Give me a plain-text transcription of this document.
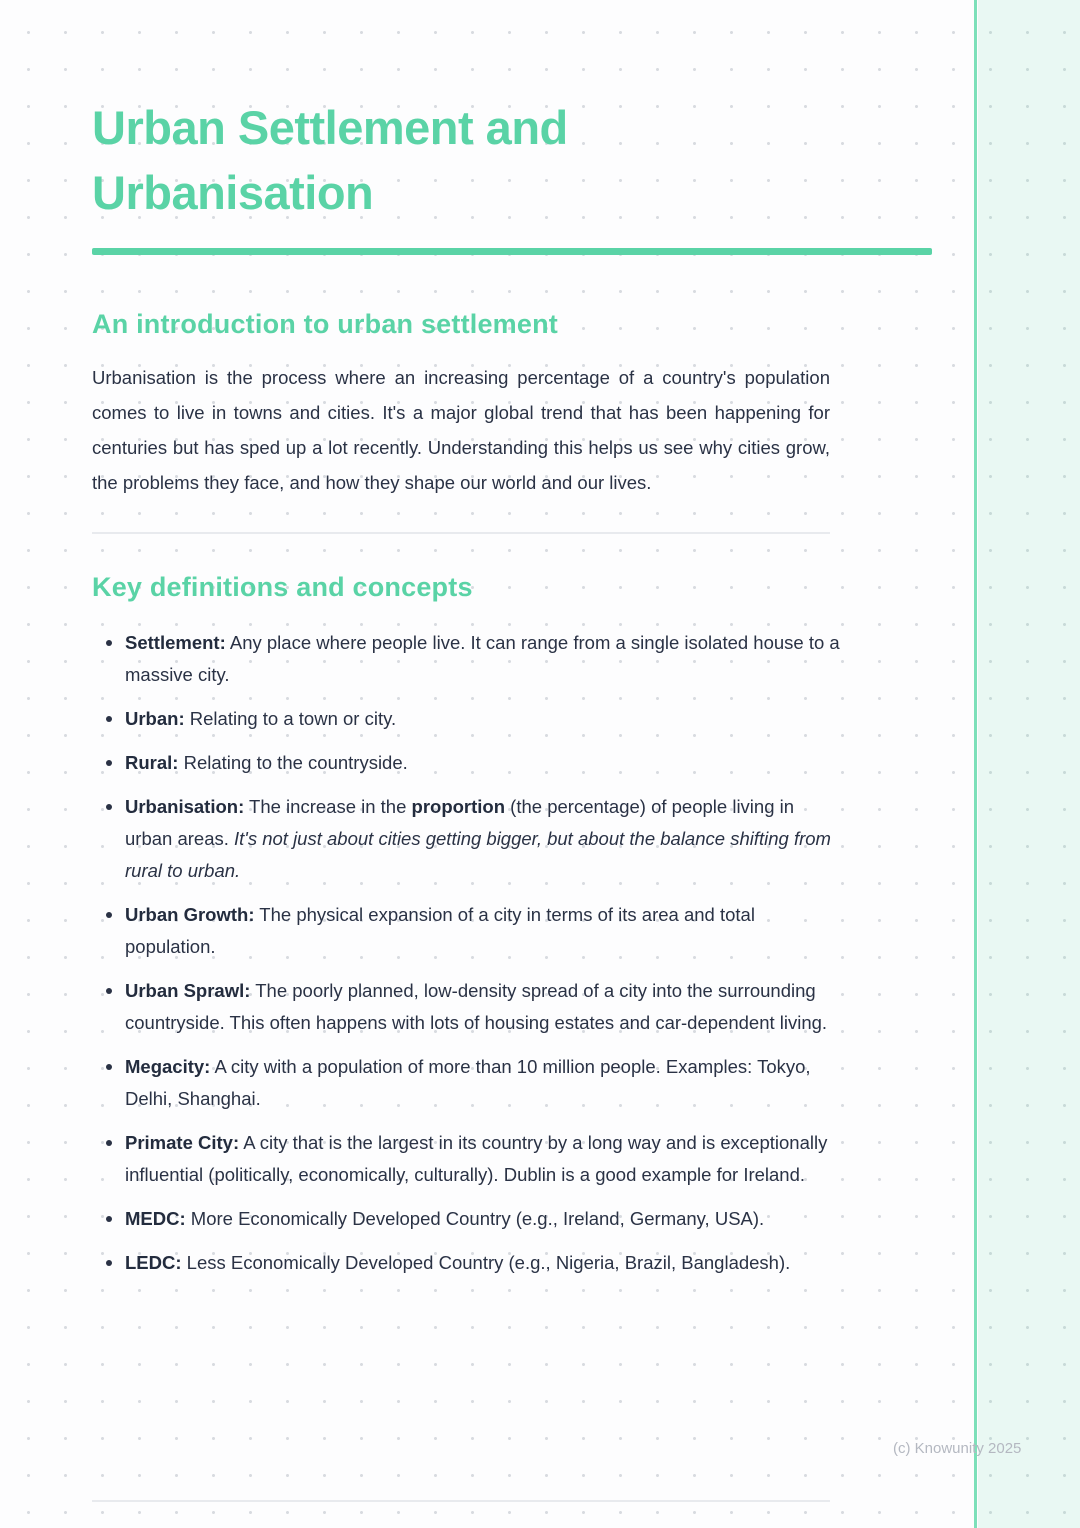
Urban Settlement and Urbanisation
An introduction to urban settlement

Urbanisation is the process where an increasing percentage of a country's population comes to live in towns and cities. It's a major global trend that has been happening for centuries but has sped up a lot recently. Understanding this helps us see why cities grow, the problems they face, and how they shape our world and our lives.

Key definitions and concepts
Settlement: Any place where people live. It can range from a single isolated house to a massive city.
Urban: Relating to a town or city.
Rural: Relating to the countryside.
Urbanisation: The increase in the proportion (the percentage) of people living in urban areas. It's not just about cities getting bigger, but about the balance shifting from rural to urban.
Urban Growth: The physical expansion of a city in terms of its area and total population.
Urban Sprawl: The poorly planned, low-density spread of a city into the surrounding countryside. This often happens with lots of housing estates and car-dependent living.
Megacity: A city with a population of more than 10 million people. Examples: Tokyo, Delhi, Shanghai.
Primate City: A city that is the largest in its country by a long way and is exceptionally influential (politically, economically, culturally). Dublin is a good example for Ireland.
MEDC: More Economically Developed Country (e.g., Ireland, Germany, USA).
LEDC: Less Economically Developed Country (e.g., Nigeria, Brazil, Bangladesh).
(c) Knowunity 2025
